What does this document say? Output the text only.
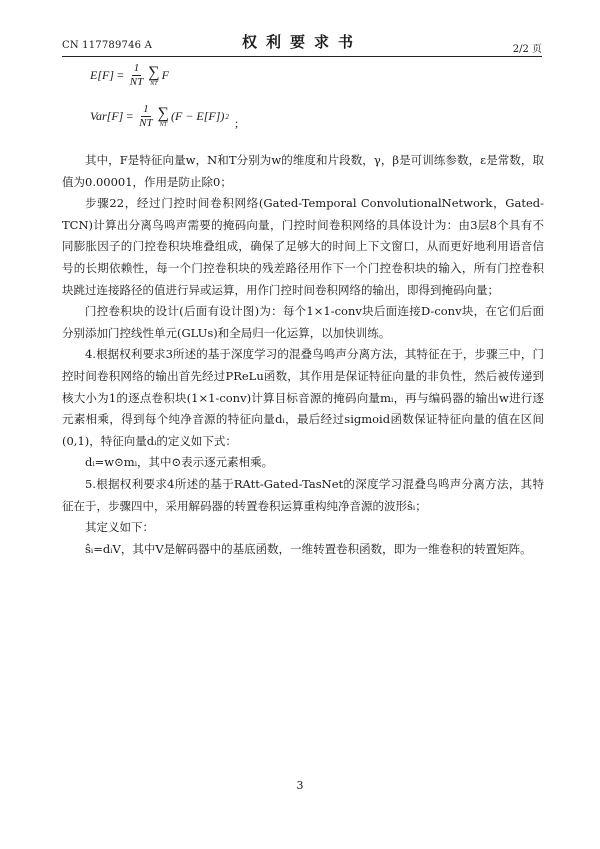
CN 117789746 A	权利要求书	2/2 页
$E[F] = \frac{1}{NT}$ ∑
NT
F
$Var[F] = \frac{1}{NT}$ ∑
NT
(F − E[F]) 2 ;

其中，F是特征向量w，N和T分别为w的维度和片段数，γ，β是可训练参数，ε是常数，取值为0.00001，作用是防止除0；

步骤22，经过门控时间卷积网络(Gated-Temporal ConvolutionalNetwork，Gated-TCN)计算出分离鸟鸣声需要的掩码向量，门控时间卷积网络的具体设计为：由3层8个具有不同膨胀因子的门控卷积块堆叠组成，确保了足够大的时间上下文窗口，从而更好地利用语音信号的长期依赖性，每一个门控卷积块的残差路径用作下一个门控卷积块的输入，所有门控卷积块跳过连接路径的值进行异或运算，用作门控时间卷积网络的输出，即得到掩码向量；

门控卷积块的设计(后面有设计图)为：每个1×1-conv块后面连接D-conv块，在它们后面分别添加门控线性单元(GLUs)和全局归一化运算，以加快训练。

4.根据权利要求3所述的基于深度学习的混叠鸟鸣声分离方法，其特征在于，步骤三中，门控时间卷积网络的输出首先经过PReLu函数，其作用是保证特征向量的非负性，然后被传递到核大小为1的逐点卷积块(1×1-conv)计算目标音源的掩码向量mᵢ，再与编码器的输出w进行逐元素相乘，得到每个纯净音源的特征向量dᵢ，最后经过sigmoid函数保证特征向量的值在区间(0,1)，特征向量dᵢ的定义如下式：

dᵢ=w⊙mᵢ，其中⊙表示逐元素相乘。

5.根据权利要求4所述的基于RAtt-Gated-TasNet的深度学习混叠鸟鸣声分离方法，其特征在于，步骤四中，采用解码器的转置卷积运算重构纯净音源的波形ŝᵢ；

其定义如下：

ŝᵢ=dᵢV，其中V是解码器中的基底函数，一维转置卷积函数，即为一维卷积的转置矩阵。

3
